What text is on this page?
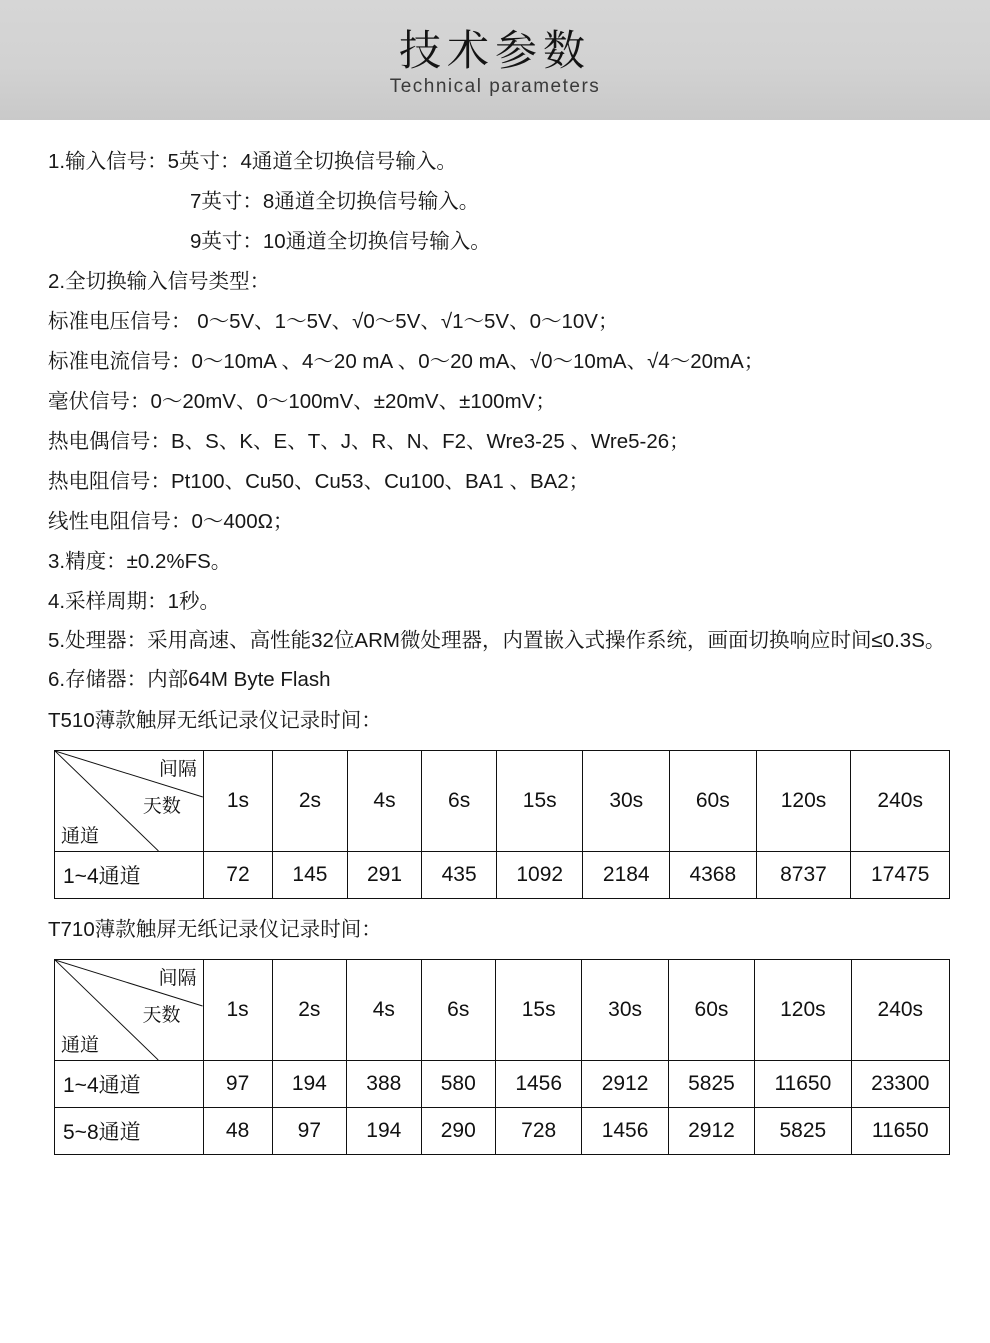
技术参数
Technical parameters
1.输入信号：5英寸：4通道全切换信号输入。
7英寸：8通道全切换信号输入。
9英寸：10通道全切换信号输入。
2.全切换输入信号类型：
标准电压信号： 0～5V、1～5V、√0～5V、√1～5V、0～10V；
标准电流信号：0～10mA 、4～20 mA 、0～20 mA、√0～10mA、√4～20mA；
毫伏信号：0～20mV、0～100mV、±20mV、±100mV；
热电偶信号：B、S、K、E、T、J、R、N、F2、Wre3-25 、Wre5-26；
热电阻信号：Pt100、Cu50、Cu53、Cu100、BA1 、BA2；
线性电阻信号：0～400Ω；
3.精度：±0.2%FS。
4.采样周期：1秒。
5.处理器：采用高速、高性能32位ARM微处理器，内置嵌入式操作系统，画面切换响应时间≤0.3S。
6.存储器：内部64M Byte Flash
T510薄款触屏无纸记录仪记录时间：
间隔
天数
通道	1s	2s	4s	6s	15s	30s	60s	120s	240s
1~4通道	72	145	291	435	1092	2184	4368	8737	17475
T710薄款触屏无纸记录仪记录时间：
间隔
天数
通道	1s	2s	4s	6s	15s	30s	60s	120s	240s
1~4通道	97	194	388	580	1456	2912	5825	11650	23300
5~8通道	48	97	194	290	728	1456	2912	5825	11650
